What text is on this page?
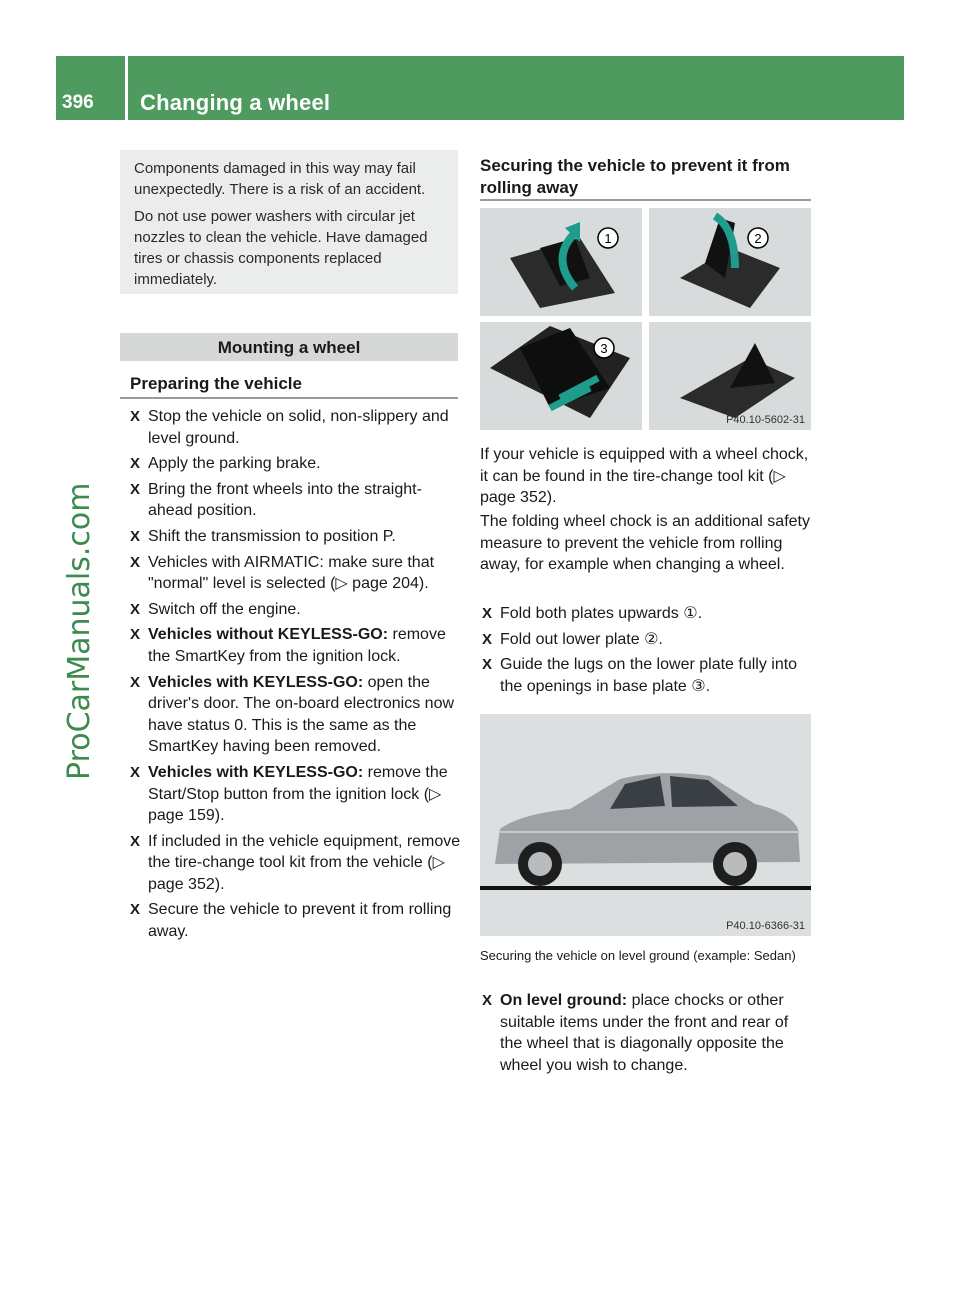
396	Changing a wheel
ProCarManuals.com

Components damaged in this way may fail unexpectedly. There is a risk of an accident.

Do not use power washers with circular jet nozzles to clean the vehicle. Have damaged tires or chassis components replaced immediately.

Mounting a wheel
Preparing the vehicle
X Stop the vehicle on solid, non-slippery and level ground.
X Apply the parking brake.
X Bring the front wheels into the straight-ahead position.
X Shift the transmission to position P.
X Vehicles with AIRMATIC: make sure that "normal" level is selected (▷ page 204).
X Switch off the engine.
X Vehicles without KEYLESS-GO: remove the SmartKey from the ignition lock.
X Vehicles with KEYLESS-GO: open the driver's door. The on-board electronics now have status 0. This is the same as the SmartKey having been removed.
X Vehicles with KEYLESS-GO: remove the Start/Stop button from the ignition lock (▷ page 159).
X If included in the vehicle equipment, remove the tire-change tool kit from the vehicle (▷ page 352).
X Secure the vehicle to prevent it from rolling away.
Securing the vehicle to prevent it from rolling away
1	2
3
P40.10-5602-31

If your vehicle is equipped with a wheel chock, it can be found in the tire-change tool kit (▷ page 352).

The folding wheel chock is an additional safety measure to prevent the vehicle from rolling away, for example when changing a wheel.

X Fold both plates upwards ①.
X Fold out lower plate ②.
X Guide the lugs on the lower plate fully into the openings in base plate ③.
P40.10-6366-31
Securing the vehicle on level ground (example: Sedan)
X On level ground: place chocks or other suitable items under the front and rear of the wheel that is diagonally opposite the wheel you wish to change.
